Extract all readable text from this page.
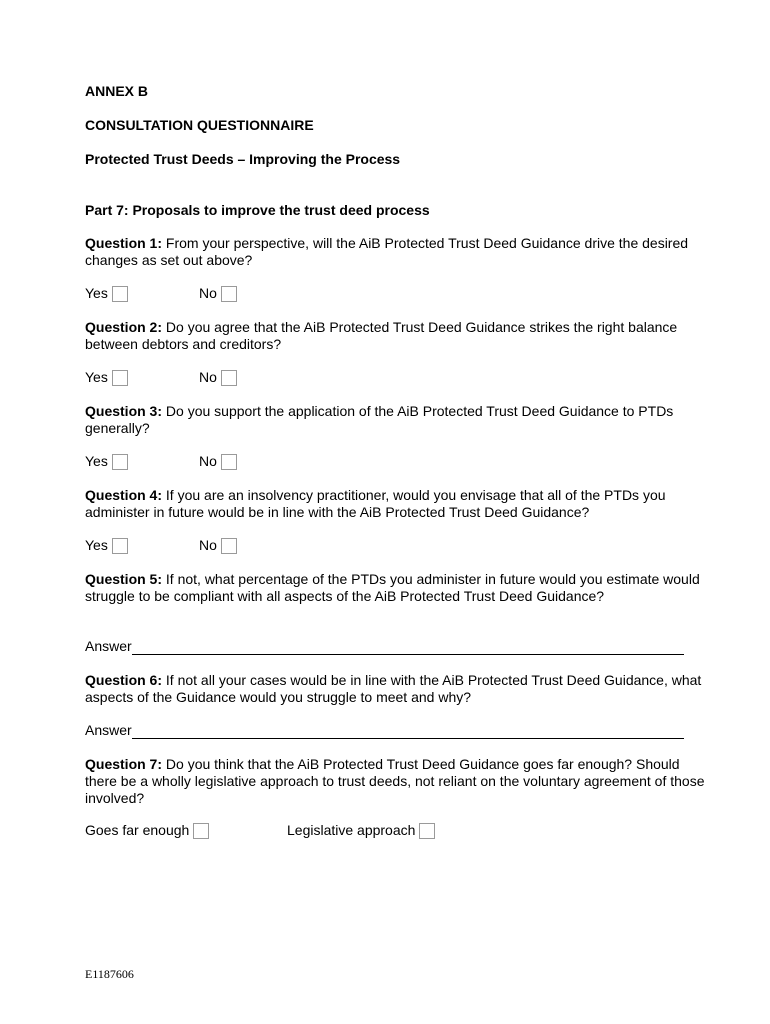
ANNEX B
CONSULTATION QUESTIONNAIRE
Protected Trust Deeds – Improving the Process
Part 7: Proposals to improve the trust deed process
Question 1: From your perspective, will the AiB Protected Trust Deed Guidance drive the desired changes as set out above?
Yes	No
Question 2: Do you agree that the AiB Protected Trust Deed Guidance strikes the right balance between debtors and creditors?
Yes	No
Question 3: Do you support the application of the AiB Protected Trust Deed Guidance to PTDs generally?
Yes	No
Question 4: If you are an insolvency practitioner, would you envisage that all of the PTDs you administer in future would be in line with the AiB Protected Trust Deed Guidance?
Yes	No
Question 5: If not, what percentage of the PTDs you administer in future would you estimate would struggle to be compliant with all aspects of the AiB Protected Trust Deed Guidance?
Answer
Question 6: If not all your cases would be in line with the AiB Protected Trust Deed Guidance, what aspects of the Guidance would you struggle to meet and why?
Answer
Question 7: Do you think that the AiB Protected Trust Deed Guidance goes far enough? Should there be a wholly legislative approach to trust deeds, not reliant on the voluntary agreement of those involved?
Goes far enough	Legislative approach
E1187606
